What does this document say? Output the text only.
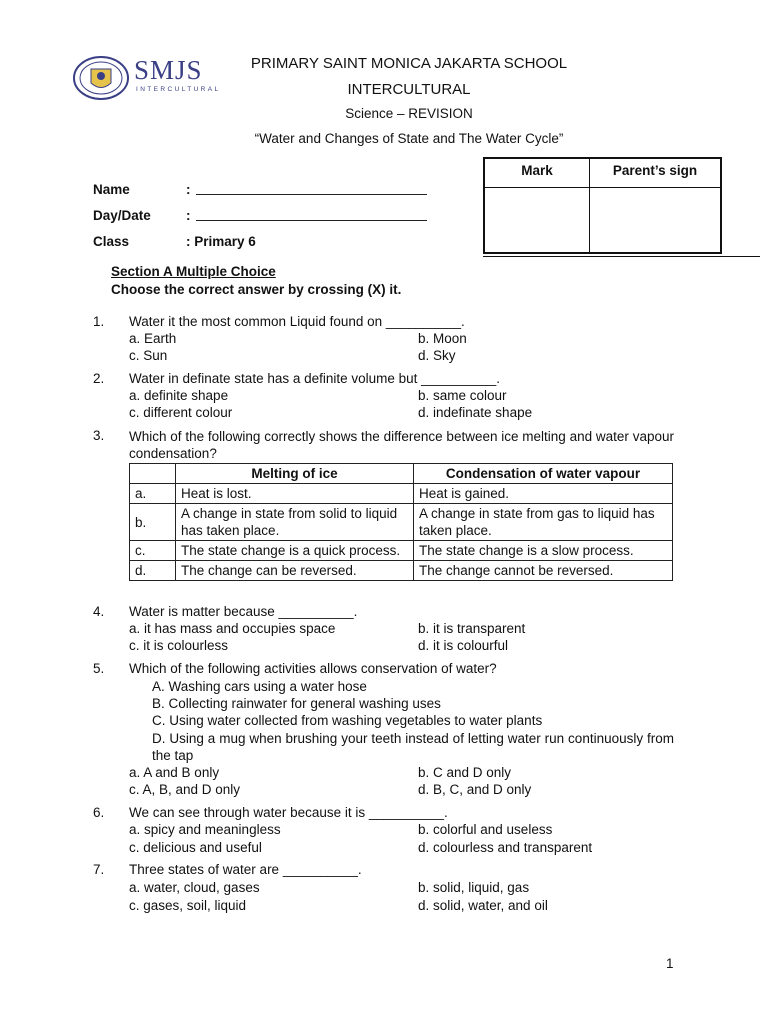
SMJS
INTERCULTURAL
PRIMARY SAINT MONICA JAKARTA SCHOOL
INTERCULTURAL
Science – REVISION
“Water and Changes of State and The Water Cycle”
Name	:
Day/Date	:
Class	: Primary 6
Mark	Parent’s sign
Section A Multiple Choice
Choose the correct answer by crossing (X) it.
1. Water it the most common Liquid found on __________.
a. Earth	b. Moon
c. Sun	d. Sky
2. Water in definate state has a definite volume but __________.
a. definite shape	b. same colour
c. different colour	d. indefinate shape
3. Which of the following correctly shows the difference between ice melting and water vapour condensation?
	Melting of ice	Condensation of water vapour
a.	Heat is lost.	Heat is gained.
b.	A change in state from solid to liquid has taken place.	A change in state from gas to liquid has taken place.
c.	The state change is a quick process.	The state change is a slow process.
d.	The change can be reversed.	The change cannot be reversed.
4. Water is matter because __________.
a. it has mass and occupies space	b. it is transparent
c. it is colourless	d. it is colourful
5. Which of the following activities allows conservation of water?
A. Washing cars using a water hose
B. Collecting rainwater for general washing uses
C. Using water collected from washing vegetables to water plants
D. Using a mug when brushing your teeth instead of letting water run continuously from the tap
a. A and B only	b. C and D only
c. A, B, and D only	d. B, C, and D only
6. We can see through water because it is __________.
a. spicy and meaningless	b. colorful and useless
c. delicious and useful	d. colourless and transparent
7. Three states of water are __________.
a. water, cloud, gases	b. solid, liquid, gas
c. gases, soil, liquid	d. solid, water, and oil
1
